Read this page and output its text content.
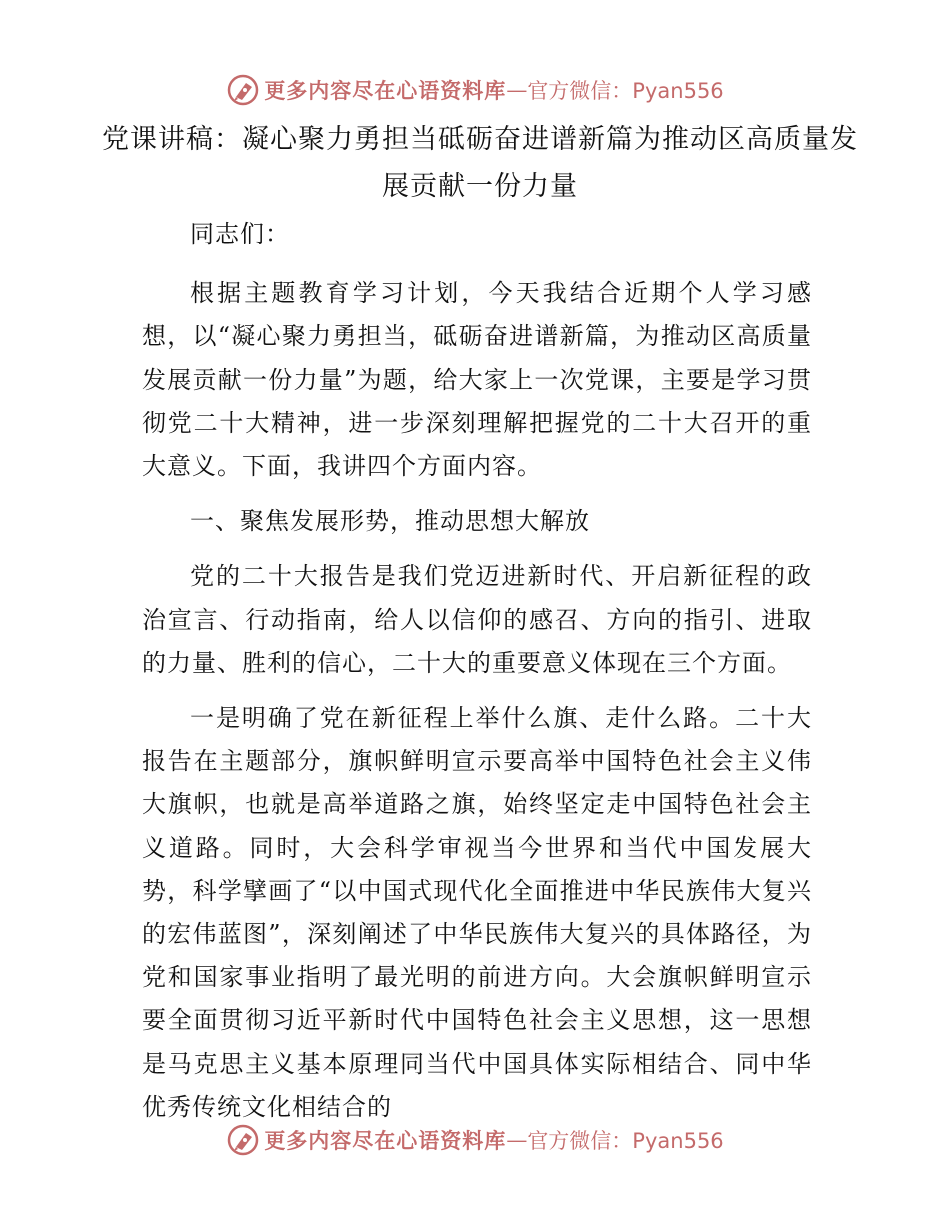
更多内容尽在心语资料库 — 官方微信：Pyan556
党课讲稿：凝心聚力勇担当砥砺奋进谱新篇为推动区高质量发展贡献一份力量

同志们：

根据主题教育学习计划，今天我结合近期个人学习感想，以“凝心聚力勇担当，砥砺奋进谱新篇，为推动区高质量发展贡献一份力量”为题，给大家上一次党课，主要是学习贯彻党二十大精神，进一步深刻理解把握党的二十大召开的重大意义。下面，我讲四个方面内容。

一、聚焦发展形势，推动思想大解放

党的二十大报告是我们党迈进新时代、开启新征程的政治宣言、行动指南，给人以信仰的感召、方向的指引、进取的力量、胜利的信心，二十大的重要意义体现在三个方面。

一是明确了党在新征程上举什么旗、走什么路。二十大报告在主题部分，旗帜鲜明宣示要高举中国特色社会主义伟大旗帜，也就是高举道路之旗，始终坚定走中国特色社会主义道路。同时，大会科学审视当今世界和当代中国发展大势，科学擘画了“以中国式现代化全面推进中华民族伟大复兴的宏伟蓝图”，深刻阐述了中华民族伟大复兴的具体路径，为党和国家事业指明了最光明的前进方向。大会旗帜鲜明宣示要全面贯彻习近平新时代中国特色社会主义思想，这一思想是马克思主义基本原理同当代中国具体实际相结合、同中华优秀传统文化相结合的

更多内容尽在心语资料库 — 官方微信：Pyan556
